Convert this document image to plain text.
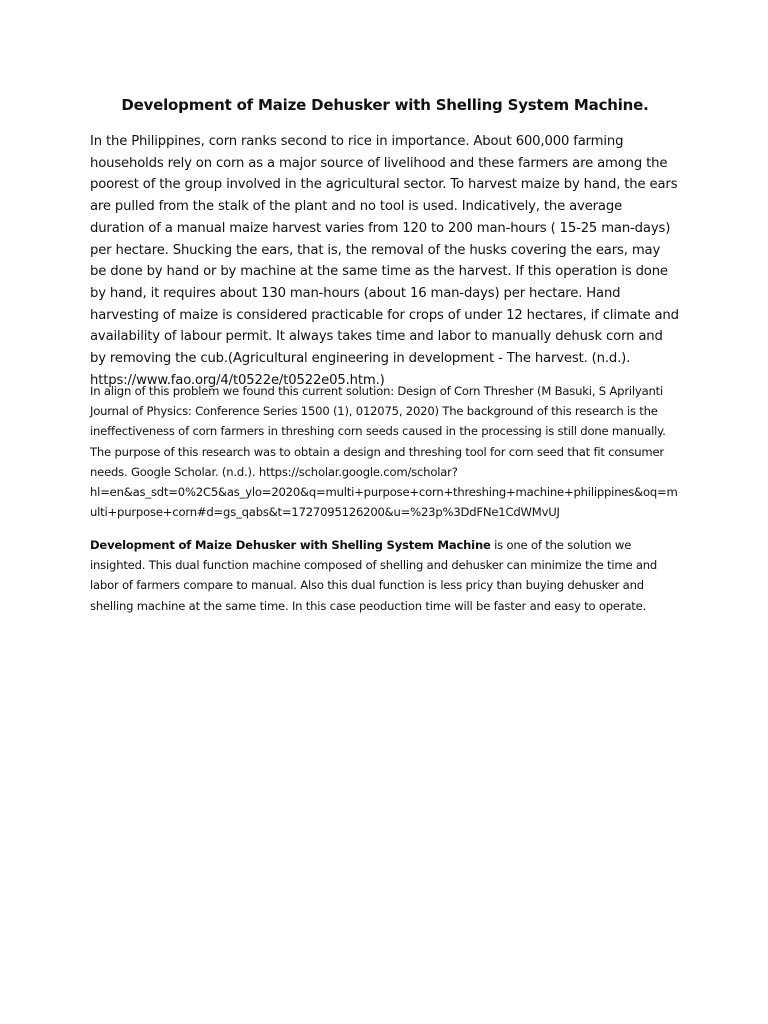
Development of Maize Dehusker with Shelling System Machine.

In the Philippines, corn ranks second to rice in importance. About 600,000 farming households rely on corn as a major source of livelihood and these farmers are among the poorest of the group involved in the agricultural sector. To harvest maize by hand, the ears are pulled from the stalk of the plant and no tool is used. Indicatively, the average duration of a manual maize harvest varies from 120 to 200 man-hours ( 15-25 man-days) per hectare. Shucking the ears, that is, the removal of the husks covering the ears, may be done by hand or by machine at the same time as the harvest. If this operation is done by hand, it requires about 130 man-hours (about 16 man-days) per hectare. Hand harvesting of maize is considered practicable for crops of under 12 hectares, if climate and availability of labour permit. It always takes time and labor to manually dehusk corn and by removing the cub.(Agricultural engineering in development - The harvest. (n.d.). https://www.fao.org/4/t0522e/t0522e05.htm.)

In align of this problem we found this current solution: Design of Corn Thresher (M Basuki, S Aprilyanti Journal of Physics: Conference Series 1500 (1), 012075, 2020) The background of this research is the ineffectiveness of corn farmers in threshing corn seeds caused in the processing is still done manually. The purpose of this research was to obtain a design and threshing tool for corn seed that fit consumer needs. Google Scholar. (n.d.). https://scholar.google.com/scholar?
hl=en&as_sdt=0%2C5&as_ylo=2020&q=multi+purpose+corn+threshing+machine+philippines&oq=multi+purpose+corn#d=gs_qabs&t=1727095126200&u=%23p%3DdFNe1CdWMvUJ

Development of Maize Dehusker with Shelling System Machine is one of the solution we insighted. This dual function machine composed of shelling and dehusker can minimize the time and labor of farmers compare to manual. Also this dual function is less pricy than buying dehusker and shelling machine at the same time. In this case peoduction time will be faster and easy to operate.
